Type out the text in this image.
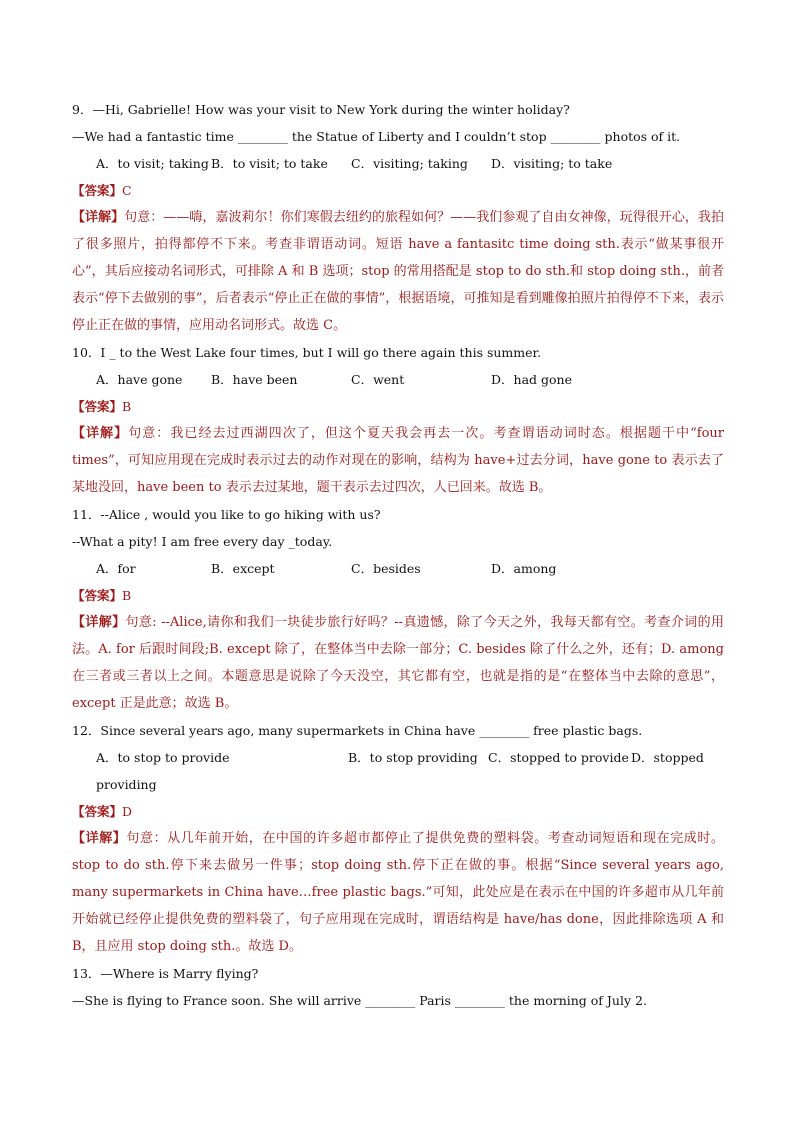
9．—Hi, Gabrielle! How was your visit to New York during the winter holiday?
—We had a fantastic time ________ the Statue of Liberty and I couldn’t stop ________ photos of it.
A．to visit; taking B．to visit; to take	C．visiting; taking	D．visiting; to take
【答案】C
【详解】句意：——嗨，嘉波莉尔！你们寒假去纽约的旅程如何？——我们参观了自由女神像，玩得很开心，我拍了很多照片，拍得都停不下来。考查非谓语动词。短语 have a fantasitc time doing sth.表示“做某事很开心”，其后应接动名词形式，可排除 A 和 B 选项；stop 的常用搭配是 stop to do sth.和 stop doing sth.，前者表示“停下去做别的事”，后者表示“停止正在做的事情”，根据语境，可推知是看到雕像拍照片拍得停不下来，表示停止正在做的事情，应用动名词形式。故选 C。
10．I _ to the West Lake four times, but I will go there again this summer.
A．have gone	B．have been	C．went	D．had gone
【答案】B
【详解】句意：我已经去过西湖四次了，但这个夏天我会再去一次。考查谓语动词时态。根据题干中“four times”，可知应用现在完成时表示过去的动作对现在的影响，结构为 have+过去分词，have gone to 表示去了某地没回，have been to 表示去过某地，题干表示去过四次，人已回来。故选 B。
11．--Alice , would you like to go hiking with us?
--What a pity! I am free every day _today.
A．for	B．except	C．besides	D．among
【答案】B
【详解】句意: --Alice,请你和我们一块徒步旅行好吗？--真遗憾，除了今天之外，我每天都有空。考查介词的用法。A. for 后跟时间段;B. except 除了，在整体当中去除一部分；C. besides 除了什么之外，还有；D. among 在三者或三者以上之间。本题意思是说除了今天没空，其它都有空，也就是指的是“在整体当中去除的意思”，except 正是此意；故选 B。
12．Since several years ago, many supermarkets in China have ________ free plastic bags.
A．to stop to provide	B．to stop providing C．stopped to provide D．stopped
providing
【答案】D
【详解】句意：从几年前开始，在中国的许多超市都停止了提供免费的塑料袋。考查动词短语和现在完成时。stop to do sth.停下来去做另一件事；stop doing sth.停下正在做的事。根据“Since several years ago, many supermarkets in China have…free plastic bags.”可知，此处应是在表示在中国的许多超市从几年前开始就已经停止提供免费的塑料袋了，句子应用现在完成时，谓语结构是 have/has done，因此排除选项 A 和 B，且应用 stop doing sth.。故选 D。
13．—Where is Marry flying?
—She is flying to France soon. She will arrive ________ Paris ________ the morning of July 2.
